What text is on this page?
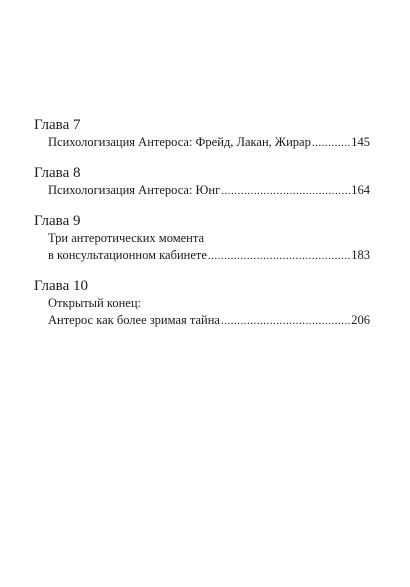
Глава 7
Психологизация Антероса: Фрейд, Лакан, Жирар .....	145
Глава 8
Психологизация Антероса: Юнг .....	164
Глава 9
Три антеротических момента
в консультационном кабинете .....	183
Глава 10
Открытый конец:
Антерос как более зримая тайна .....	206
